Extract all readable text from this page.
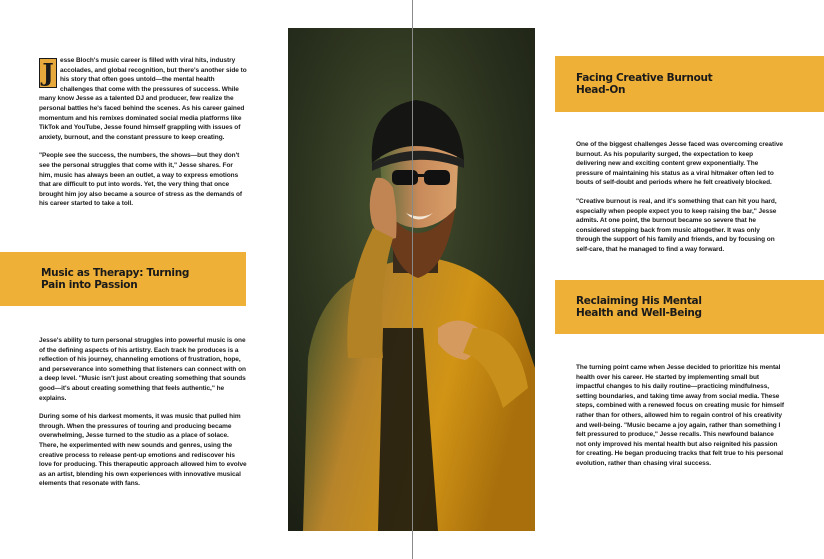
J esse Bloch's music career is filled with viral hits, industry accolades, and global recognition, but there's another side to his story that often goes untold—the mental health challenges that come with the pressures of success. While many know Jesse as a talented DJ and producer, few realize the personal battles he's faced behind the scenes. As his career gained momentum and his remixes dominated social media platforms like TikTok and YouTube, Jesse found himself grappling with issues of anxiety, burnout, and the constant pressure to keep creating.

"People see the success, the numbers, the shows—but they don't see the personal struggles that come with it," Jesse shares. For him, music has always been an outlet, a way to express emotions that are difficult to put into words. Yet, the very thing that once brought him joy also became a source of stress as the demands of his career started to take a toll.

Music as Therapy: Turning
Pain into Passion

Jesse's ability to turn personal struggles into powerful music is one of the defining aspects of his artistry. Each track he produces is a reflection of his journey, channeling emotions of frustration, hope, and perseverance into something that listeners can connect with on a deep level. "Music isn't just about creating something that sounds good—it's about creating something that feels authentic," he explains.

During some of his darkest moments, it was music that pulled him through. When the pressures of touring and producing became overwhelming, Jesse turned to the studio as a place of solace. There, he experimented with new sounds and genres, using the creative process to release pent-up emotions and rediscover his love for producing. This therapeutic approach allowed him to evolve as an artist, blending his own experiences with innovative musical elements that resonate with fans.

Facing Creative Burnout
Head-On

One of the biggest challenges Jesse faced was overcoming creative burnout. As his popularity surged, the expectation to keep delivering new and exciting content grew exponentially. The pressure of maintaining his status as a viral hitmaker often led to bouts of self-doubt and periods where he felt creatively blocked.

"Creative burnout is real, and it's something that can hit you hard, especially when people expect you to keep raising the bar," Jesse admits. At one point, the burnout became so severe that he considered stepping back from music altogether. It was only through the support of his family and friends, and by focusing on self-care, that he managed to find a way forward.

Reclaiming His Mental
Health and Well-Being

The turning point came when Jesse decided to prioritize his mental health over his career. He started by implementing small but impactful changes to his daily routine—practicing mindfulness, setting boundaries, and taking time away from social media. These steps, combined with a renewed focus on creating music for himself rather than for others, allowed him to regain control of his creativity and well-being. "Music became a joy again, rather than something I felt pressured to produce," Jesse recalls. This newfound balance not only improved his mental health but also reignited his passion for creating. He began producing tracks that felt true to his personal evolution, rather than chasing viral success.
